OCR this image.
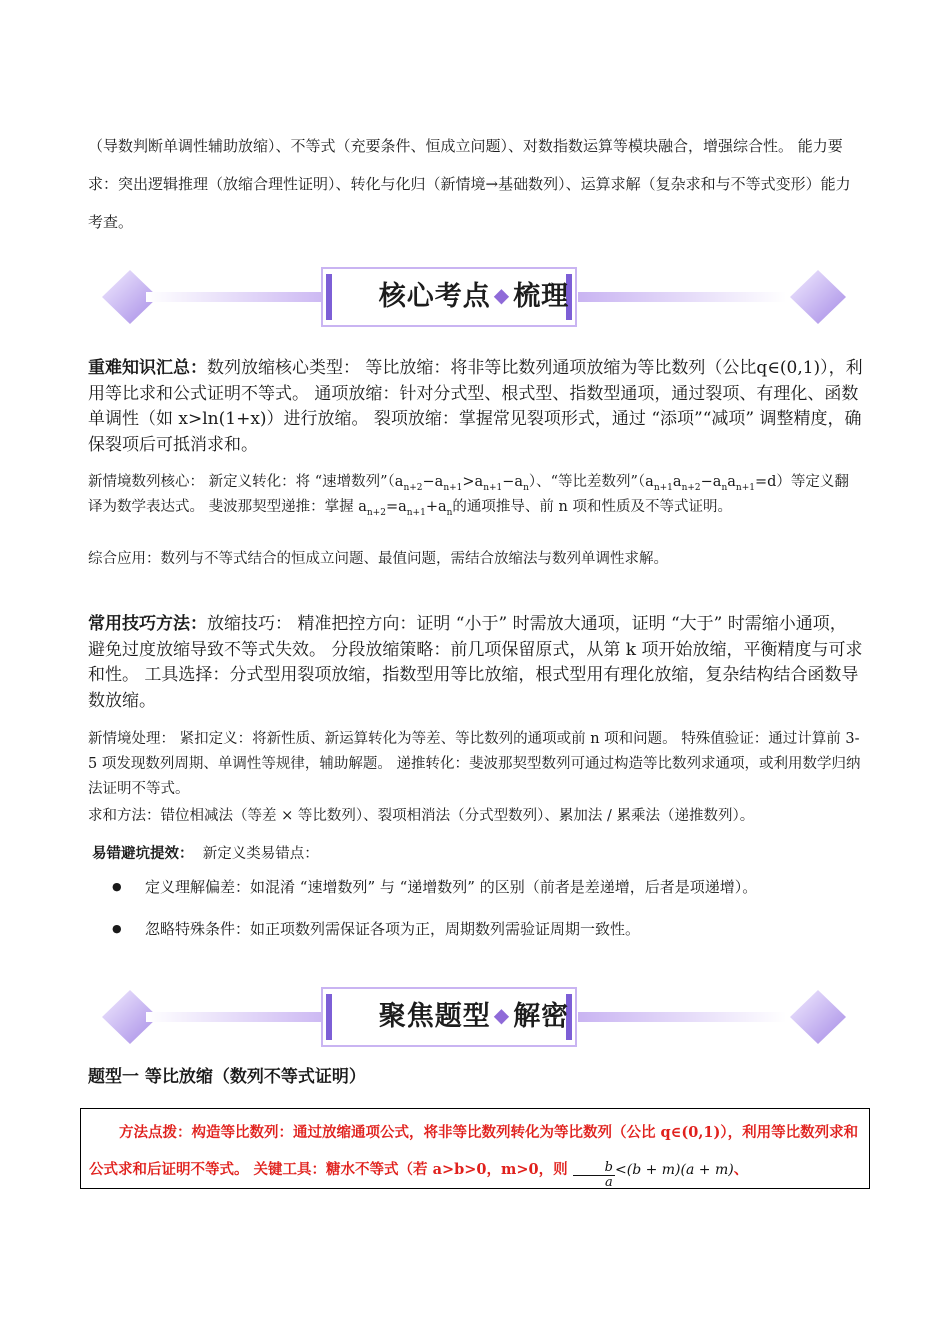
（导数判断单调性辅助放缩）、不等式（充要条件、恒成立问题）、对数指数运算等模块融合，增强综合性。 能力要求：突出逻辑推理（放缩合理性证明）、转化与化归（新情境→基础数列）、运算求解（复杂求和与不等式变形）能力考查。
核心考点 ◆ 梳理
重难知识汇总：数列放缩核心类型： 等比放缩：将非等比数列通项放缩为等比数列（公比q∈(0,1)），利用等比求和公式证明不等式。 通项放缩：针对分式型、根式型、指数型通项，通过裂项、有理化、函数单调性（如 x>ln(1+x)）进行放缩。 裂项放缩：掌握常见裂项形式，通过 “添项”“减项” 调整精度，确保裂项后可抵消求和。
新情境数列核心： 新定义转化：将 “速增数列$”(a_{n+2}-a_{n+1}>a_{n+1}-a_n)$、“等比差数列$”(a_{n+1}a_{n+2}-a_na_{n+1}=d)$等定义翻译为数学表达式。 斐波那契型递推：掌握 $a_{n+2}=a_{n+1}+a_n$的通项推导、前 n 项和性质及不等式证明。
综合应用：数列与不等式结合的恒成立问题、最值问题，需结合放缩法与数列单调性求解。
常用技巧方法：放缩技巧： 精准把控方向：证明 “小于” 时需放大通项，证明 “大于” 时需缩小通项，避免过度放缩导致不等式失效。 分段放缩策略：前几项保留原式，从第 k 项开始放缩，平衡精度与可求和性。 工具选择：分式型用裂项放缩，指数型用等比放缩，根式型用有理化放缩，复杂结构结合函数导数放缩。
新情境处理： 紧扣定义：将新性质、新运算转化为等差、等比数列的通项或前 n 项和问题。 特殊值验证：通过计算前 3-5 项发现数列周期、单调性等规律，辅助解题。 递推转化：斐波那契型数列可通过构造等比数列求通项，或利用数学归纳法证明不等式。
求和方法：错位相减法（等差 × 等比数列）、裂项相消法（分式型数列）、累加法 / 累乘法（递推数列）。
易错避坑提效： 新定义类易错点：
● 定义理解偏差：如混淆 “速增数列” 与 “递增数列” 的区别（前者是差递增，后者是项递增）。
● 忽略特殊条件：如正项数列需保证各项为正，周期数列需验证周期一致性。
聚焦题型 ◆ 解密
题型一 等比放缩（数列不等式证明）
方法点拨：构造等比数列：通过放缩通项公式，将非等比数列转化为等比数列（公比 q∈(0,1)），利用等比数列求和公式求和后证明不等式。 关键工具：糖水不等式（若 a>b>0，m>0，则 $\frac{b}{a} <(b + m)(a + m)$、
